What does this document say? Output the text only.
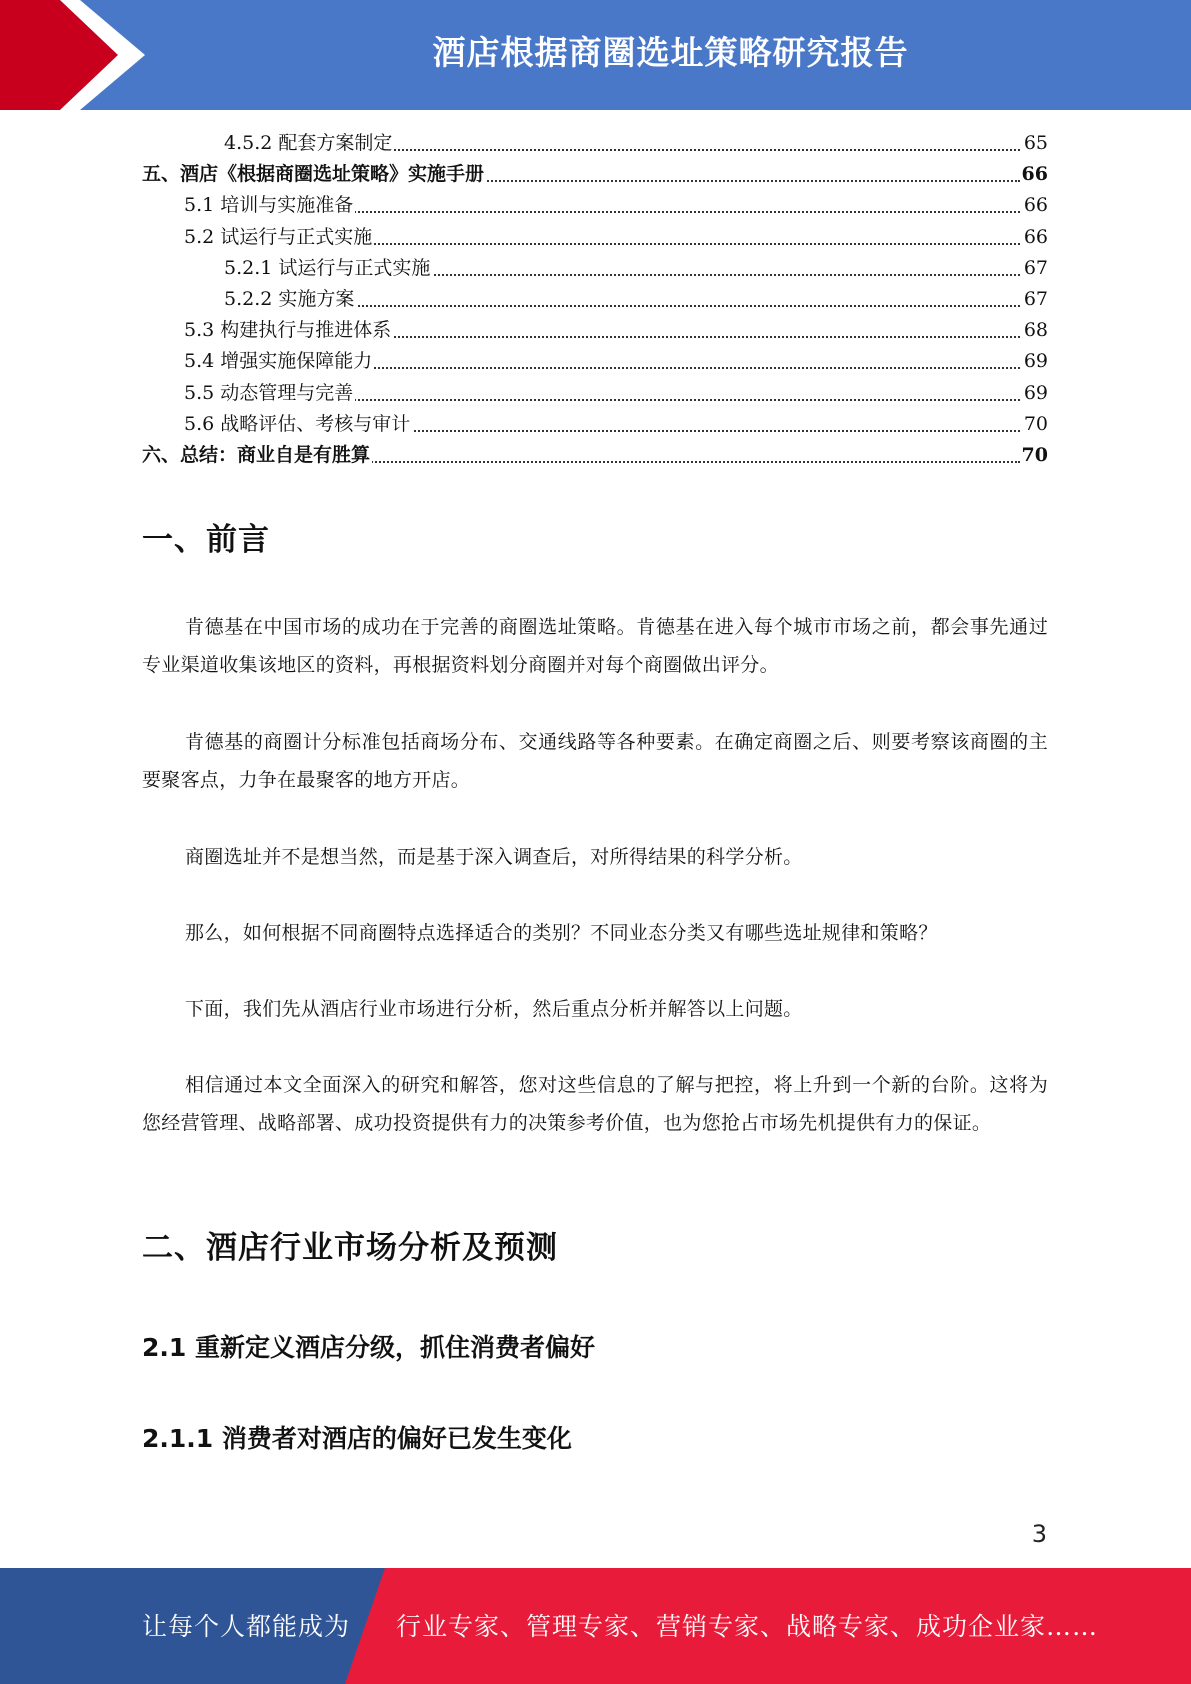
酒店根据商圈选址策略研究报告
4.5.2 配套方案制定	65
五、酒店《根据商圈选址策略》实施手册	66
5.1 培训与实施准备	66
5.2 试运行与正式实施	66
5.2.1 试运行与正式实施	67
5.2.2 实施方案	67
5.3 构建执行与推进体系	68
5.4 增强实施保障能力	69
5.5 动态管理与完善	69
5.6 战略评估、考核与审计	70
六、总结：商业自是有胜算	70
一、前言
肯德基在中国市场的成功在于完善的商圈选址策略。肯德基在进入每个城市市场之前，都会事先通过专业渠道收集该地区的资料，再根据资料划分商圈并对每个商圈做出评分。
肯德基的商圈计分标准包括商场分布、交通线路等各种要素。在确定商圈之后、则要考察该商圈的主要聚客点，力争在最聚客的地方开店。
商圈选址并不是想当然，而是基于深入调查后，对所得结果的科学分析。
那么，如何根据不同商圈特点选择适合的类别？不同业态分类又有哪些选址规律和策略？
下面，我们先从酒店行业市场进行分析，然后重点分析并解答以上问题。
相信通过本文全面深入的研究和解答，您对这些信息的了解与把控，将上升到一个新的台阶。这将为您经营管理、战略部署、成功投资提供有力的决策参考价值，也为您抢占市场先机提供有力的保证。
二、酒店行业市场分析及预测
2.1 重新定义酒店分级，抓住消费者偏好
2.1.1 消费者对酒店的偏好已发生变化
3
让每个人都能成为 行业专家、管理专家、营销专家、战略专家、成功企业家……
